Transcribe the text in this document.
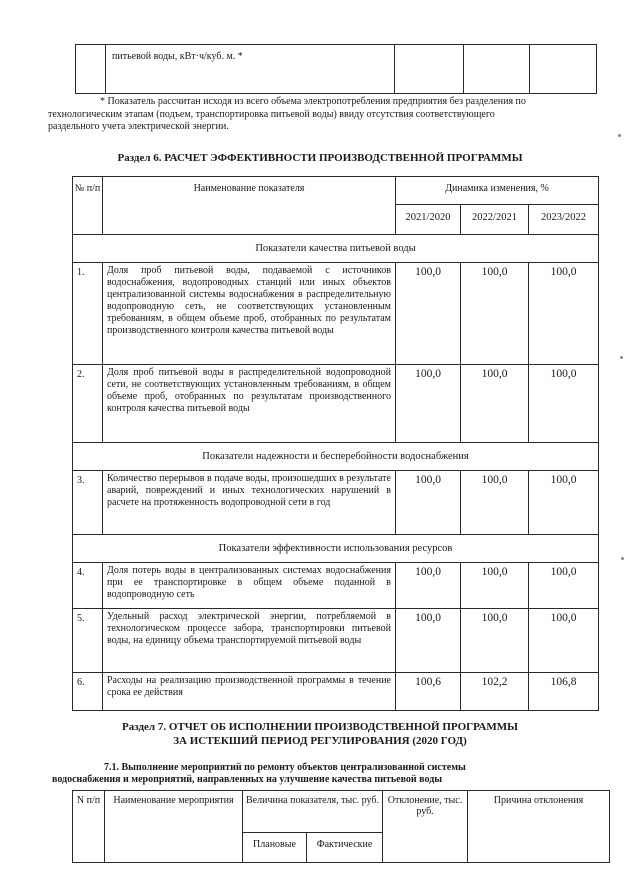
	питьевой воды, кВт·ч/куб. м. *			
* Показатель рассчитан исходя из всего объема электропотребления предприятия без разделения по
технологическим этапам (подъем, транспортировка питьевой воды) ввиду отсутствия соответствующего
раздельного учета электрической энергии.
Раздел 6. РАСЧЕТ ЭФФЕКТИВНОСТИ ПРОИЗВОДСТВЕННОЙ ПРОГРАММЫ
№ п/п	Наименование показателя	Динамика изменения, %		
		2021/2020	2022/2021	2023/2022
Показатели качества питьевой воды				
1.	Доля проб питьевой воды, подаваемой с источников водоснабжения, водопроводных станций или иных объектов централизованной системы водоснабжения в распределительную водопроводную сеть, не соответствующих установленным требованиям, в общем объеме проб, отобранных по результатам производственного контроля качества питьевой воды	100,0	100,0	100,0
2.	Доля проб питьевой воды в распределительной водопроводной сети, не соответствующих установленным требованиям, в общем объеме проб, отобранных по результатам производственного контроля качества питьевой воды	100,0	100,0	100,0
Показатели надежности и бесперебойности водоснабжения				
3.	Количество перерывов в подаче воды, произошедших в результате аварий, повреждений и иных технологических нарушений в расчете на протяженность водопроводной сети в год	100,0	100,0	100,0
Показатели эффективности использования ресурсов				
4.	Доля потерь воды в централизованных системах водоснабжения при ее транспортировке в общем объеме поданной в водопроводную сеть	100,0	100,0	100,0
5.	Удельный расход электрической энергии, потребляемой в технологическом процессе забора, транспортировки питьевой воды, на единицу объема транспортируемой питьевой воды	100,0	100,0	100,0
6.	Расходы на реализацию производственной программы в течение срока ее действия	100,6	102,2	106,8
Раздел 7. ОТЧЕТ ОБ ИСПОЛНЕНИИ ПРОИЗВОДСТВЕННОЙ ПРОГРАММЫ
ЗА ИСТЕКШИЙ ПЕРИОД РЕГУЛИРОВАНИЯ (2020 ГОД)
7.1. Выполнение мероприятий по ремонту объектов централизованной системы
водоснабжения и мероприятий, направленных на улучшение качества питьевой воды
N п/п	Наименование мероприятия	Величина показателя, тыс. руб.		Отклонение, тыс. руб.	Причина отклонения
		Плановые	Фактические		
